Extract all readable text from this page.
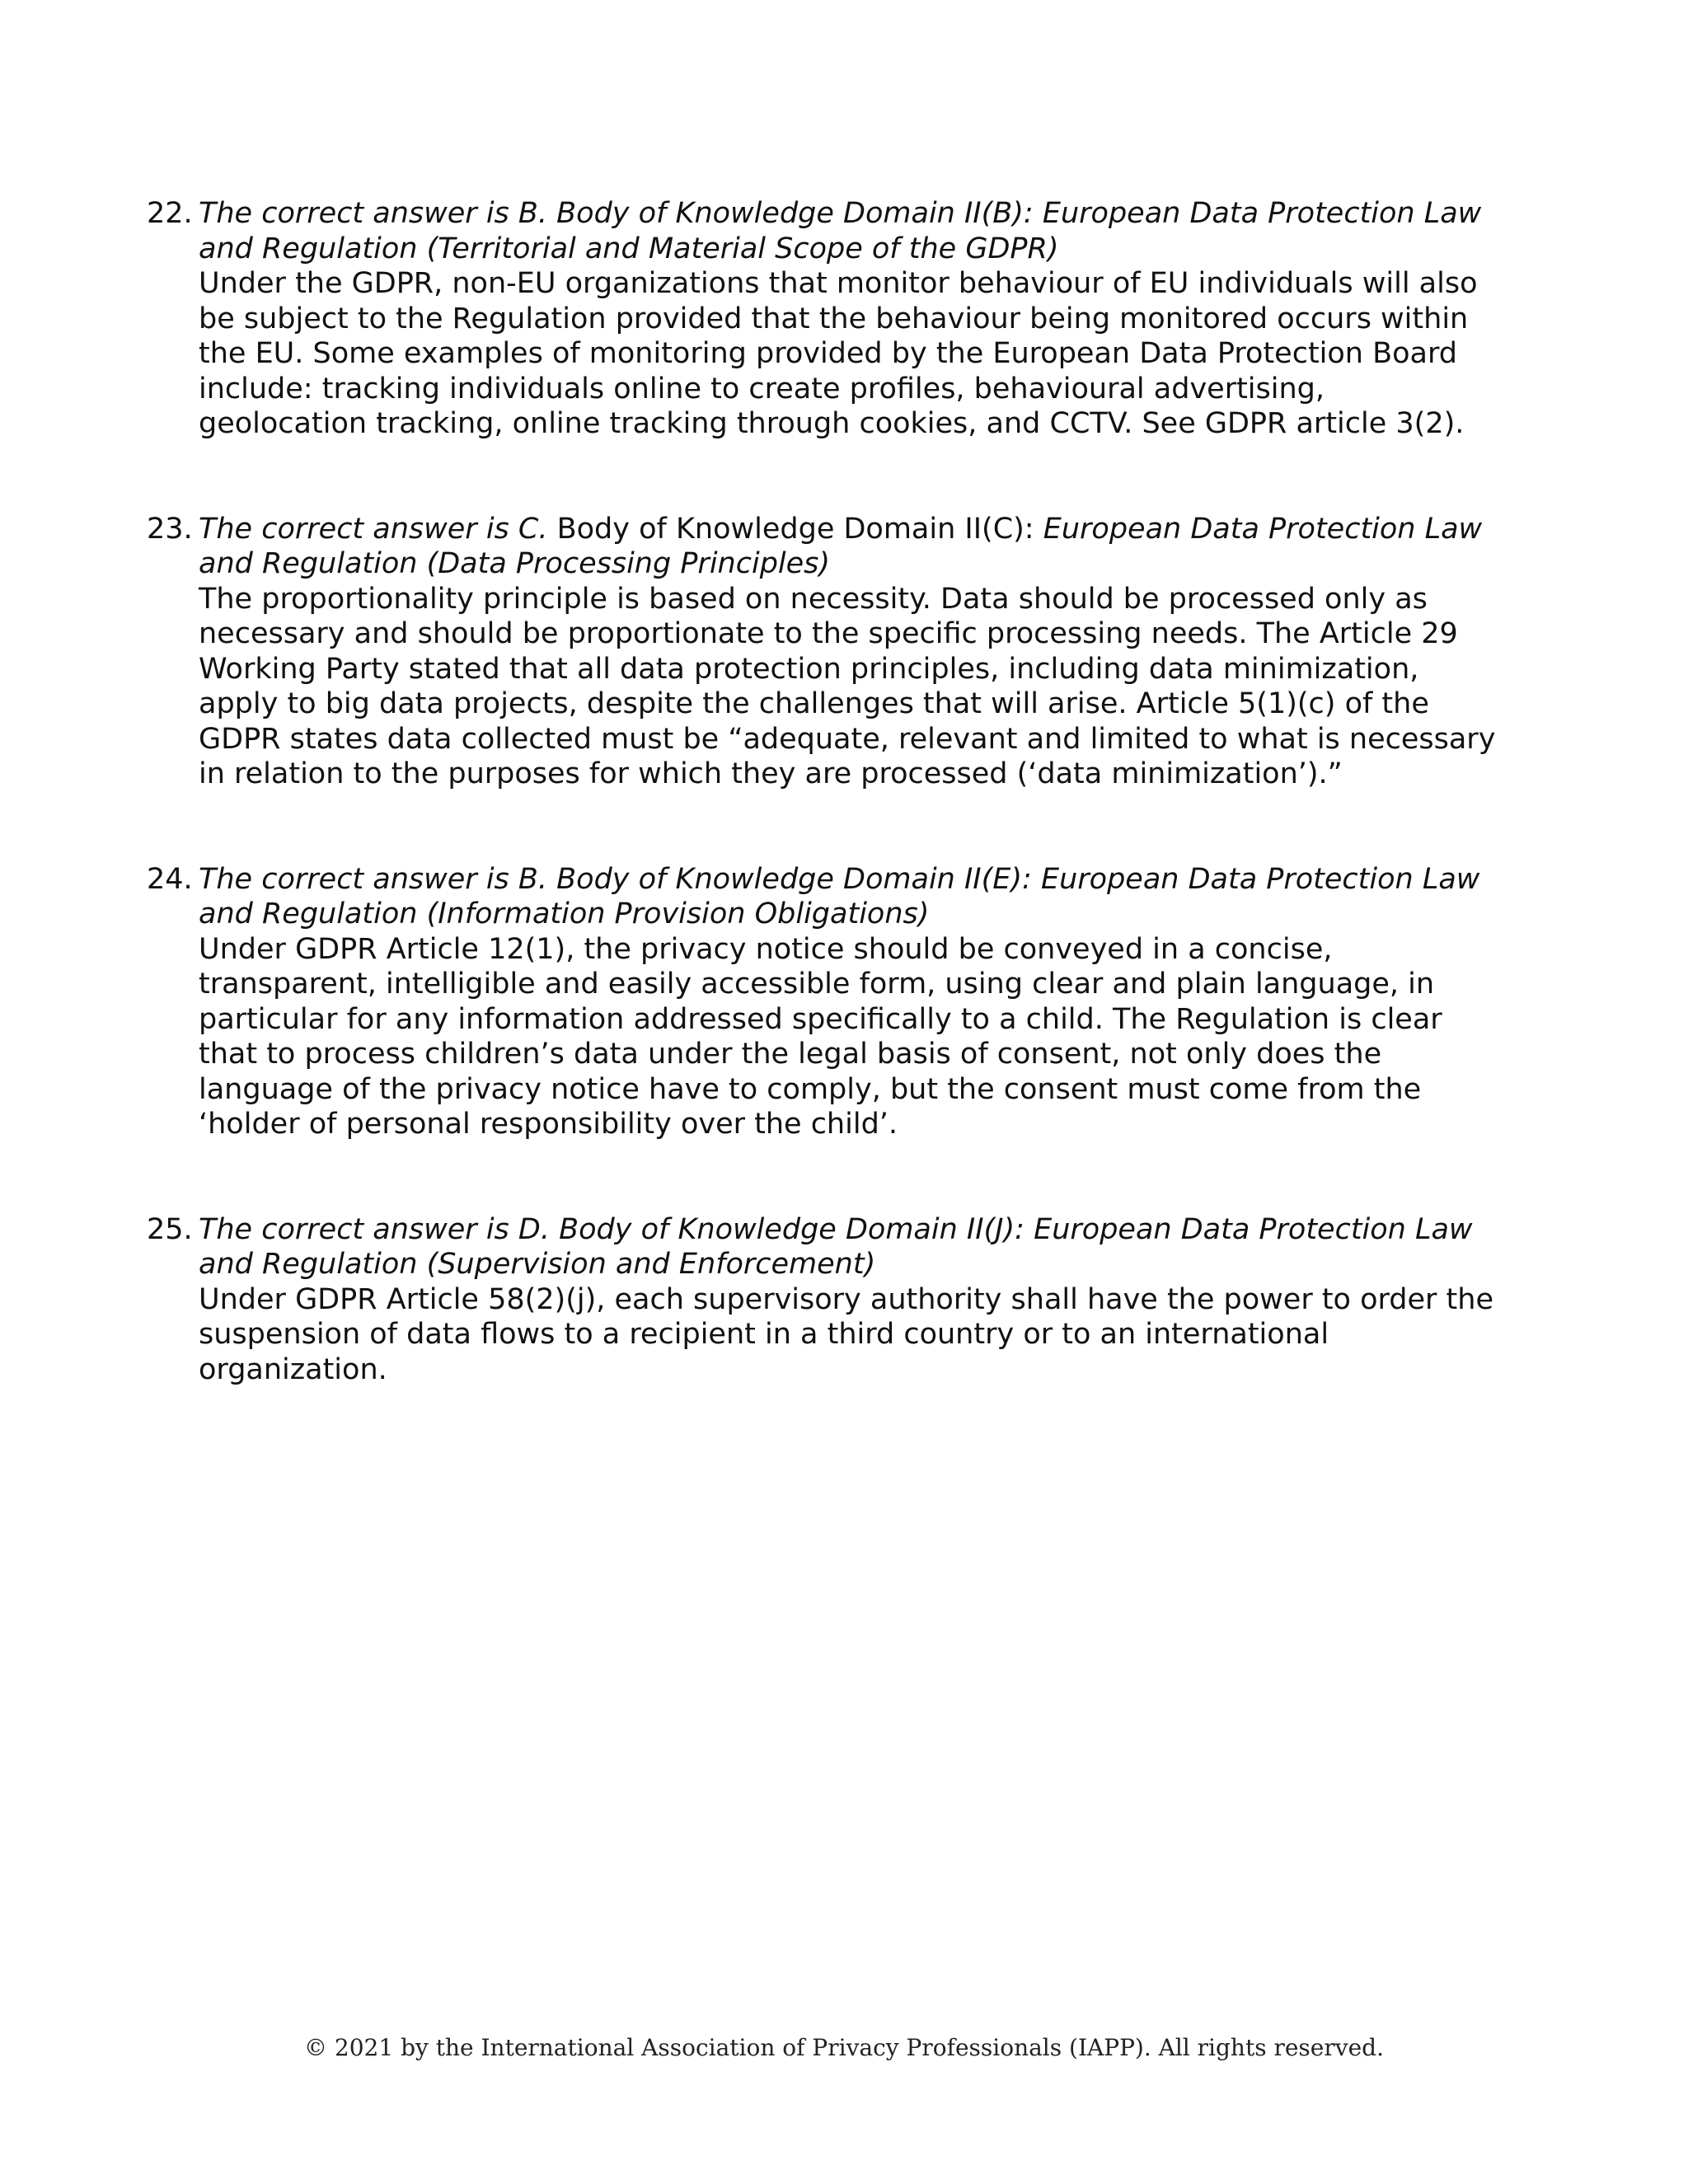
22. The correct answer is B. Body of Knowledge Domain II(B): European Data Protection Law and Regulation (Territorial and Material Scope of the GDPR)
Under the GDPR, non-EU organizations that monitor behaviour of EU individuals will also be subject to the Regulation provided that the behaviour being monitored occurs within the EU. Some examples of monitoring provided by the European Data Protection Board include: tracking individuals online to create profiles, behavioural advertising, geolocation tracking, online tracking through cookies, and CCTV. See GDPR article 3(2).
23. The correct answer is C. Body of Knowledge Domain II(C): European Data Protection Law and Regulation (Data Processing Principles)
The proportionality principle is based on necessity. Data should be processed only as necessary and should be proportionate to the specific processing needs. The Article 29 Working Party stated that all data protection principles, including data minimization, apply to big data projects, despite the challenges that will arise. Article 5(1)(c) of the GDPR states data collected must be “adequate, relevant and limited to what is necessary in relation to the purposes for which they are processed (‘data minimization’).”
24. The correct answer is B. Body of Knowledge Domain II(E): European Data Protection Law and Regulation (Information Provision Obligations)
Under GDPR Article 12(1), the privacy notice should be conveyed in a concise, transparent, intelligible and easily accessible form, using clear and plain language, in particular for any information addressed specifically to a child. The Regulation is clear that to process children’s data under the legal basis of consent, not only does the language of the privacy notice have to comply, but the consent must come from the ‘holder of personal responsibility over the child’.
25. The correct answer is D. Body of Knowledge Domain II(J): European Data Protection Law and Regulation (Supervision and Enforcement)
Under GDPR Article 58(2)(j), each supervisory authority shall have the power to order the suspension of data flows to a recipient in a third country or to an international organization.
© 2021 by the International Association of Privacy Professionals (IAPP). All rights reserved.
